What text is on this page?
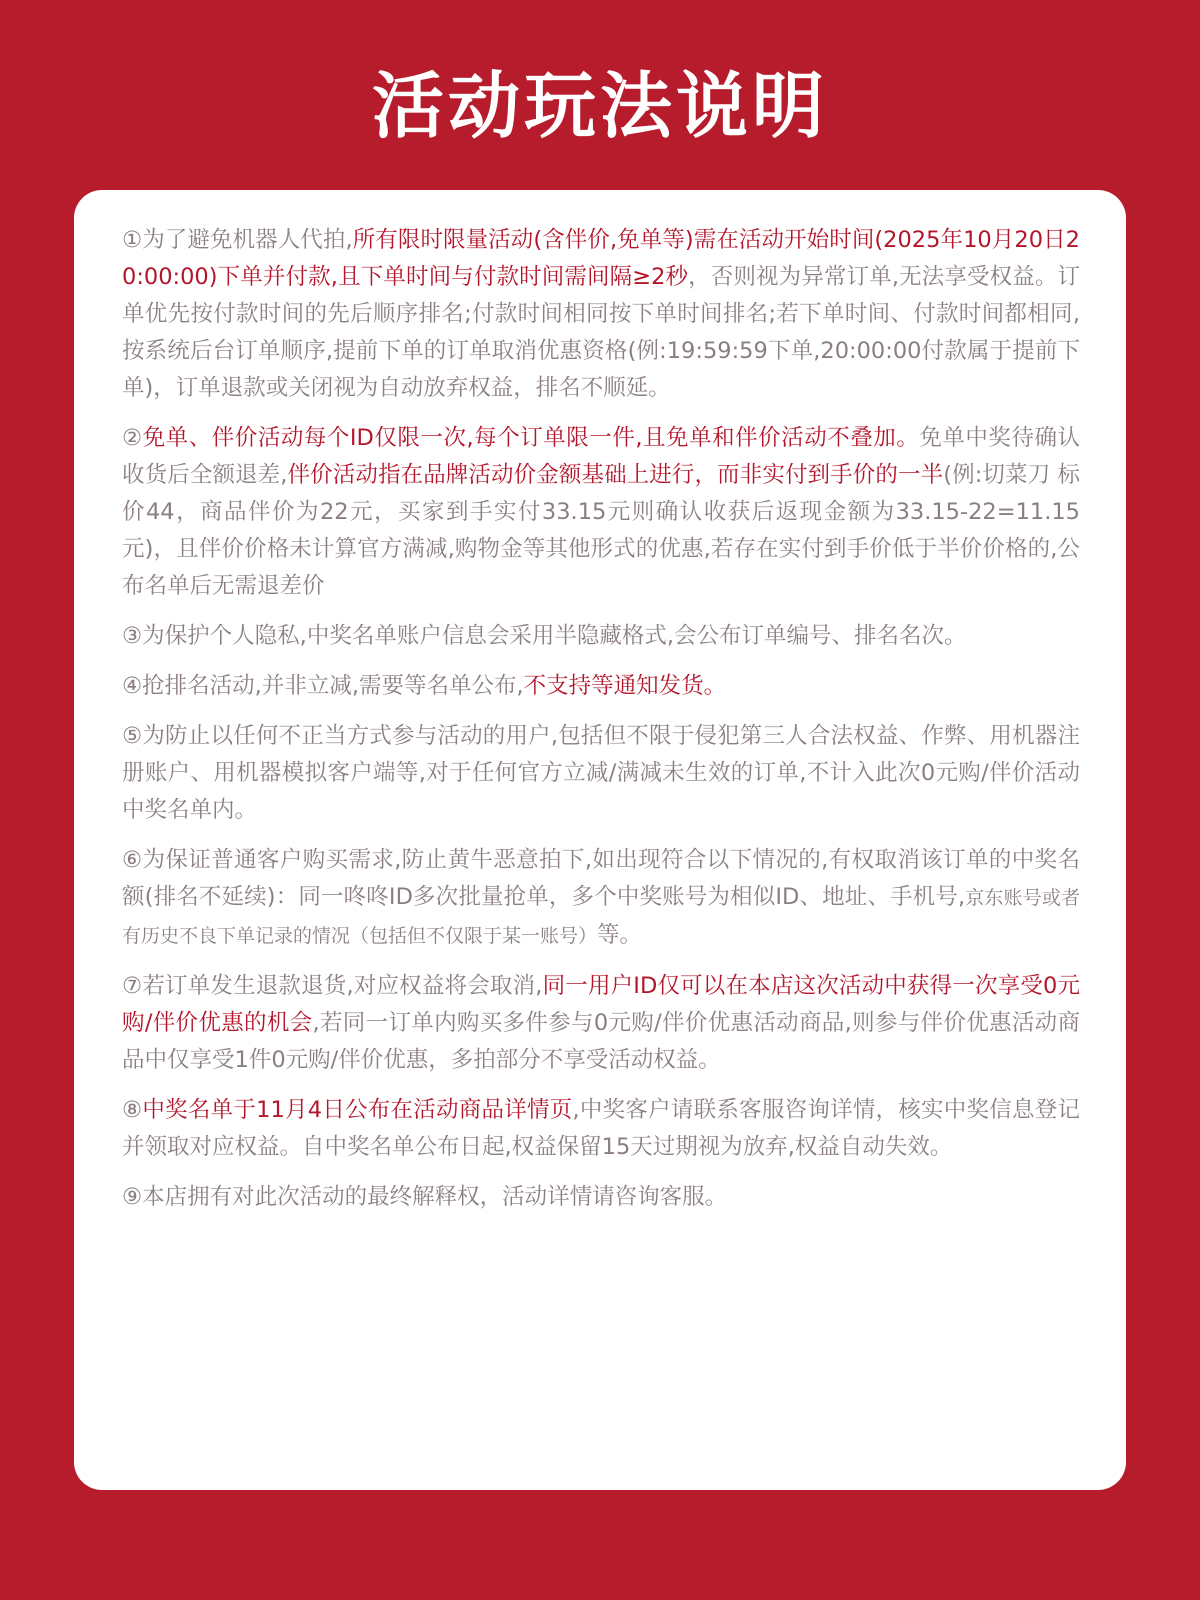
活动玩法说明

①为了避免机器人代拍,所有限时限量活动(含伴价,免单等)需在活动开始时间(2025年10月20日20:00:00)下单并付款,且下单时间与付款时间需间隔≥2秒，否则视为异常订单,无法享受权益。订单优先按付款时间的先后顺序排名;付款时间相同按下单时间排名;若下单时间、付款时间都相同,按系统后台订单顺序,提前下单的订单取消优惠资格(例:19:59:59下单,20:00:00付款属于提前下单)，订单退款或关闭视为自动放弃权益，排名不顺延。

②免单、伴价活动每个ID仅限一次,每个订单限一件,且免单和伴价活动不叠加。免单中奖待确认收货后全额退差,伴价活动指在品牌活动价金额基础上进行，而非实付到手价的一半(例:切菜刀 标价44，商品伴价为22元，买家到手实付33.15元则确认收获后返现金额为33.15-22=11.15元)，且伴价价格未计算官方满减,购物金等其他形式的优惠,若存在实付到手价低于半价价格的,公布名单后无需退差价

③为保护个人隐私,中奖名单账户信息会采用半隐藏格式,会公布订单编号、排名名次。

④抢排名活动,并非立减,需要等名单公布,不支持等通知发货。

⑤为防止以任何不正当方式参与活动的用户,包括但不限于侵犯第三人合法权益、作弊、用机器注册账户、用机器模拟客户端等,对于任何官方立减/满减未生效的订单,不计入此次0元购/伴价活动中奖名单内。

⑥为保证普通客户购买需求,防止黄牛恶意拍下,如出现符合以下情况的,有权取消该订单的中奖名额(排名不延续)：同一咚咚ID多次批量抢单，多个中奖账号为相似ID、地址、手机号,京东账号或者有历史不良下单记录的情况（包括但不仅限于某一账号）等。

⑦若订单发生退款退货,对应权益将会取消,同一用户ID仅可以在本店这次活动中获得一次享受0元购/伴价优惠的机会,若同一订单内购买多件参与0元购/伴价优惠活动商品,则参与伴价优惠活动商品中仅享受1件0元购/伴价优惠，多拍部分不享受活动权益。

⑧中奖名单于11月4日公布在活动商品详情页,中奖客户请联系客服咨询详情，核实中奖信息登记并领取对应权益。自中奖名单公布日起,权益保留15天过期视为放弃,权益自动失效。

⑨本店拥有对此次活动的最终解释权，活动详情请咨询客服。
